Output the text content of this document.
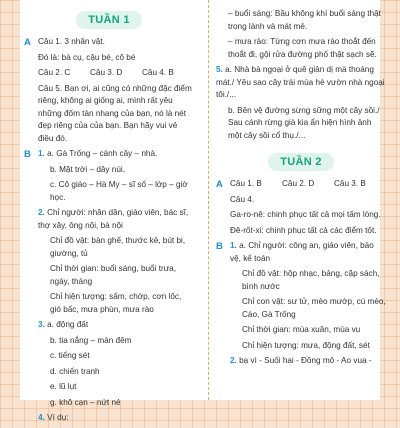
TUẦN 1
A Câu 1. 3 nhân vật.

Đó là: bà cụ, cậu bé, cô bé

Câu 2. C	Câu 3. D	Câu 4. B

Câu 5. Bạn ơi, ai cũng có những đặc điểm riêng, không ai giống ai, mình rất yêu những đốm tàn nhang của bạn, nó là nét đẹp riêng của của bạn. Bạn hãy vui vẻ điều đó.

B 1. a. Gà Trống – cánh cây – nhà.

b. Mặt trời – dây núi.

c. Cô giáo – Hà My – sĩ số – lớp – giờ học.

2. Chỉ người: nhân dân, giáo viên, bác sĩ, thợ xây, ông nội, bà nội

Chỉ đồ vật: bàn ghế, thước kẻ, bút bi, giường, tủ

Chỉ thời gian: buổi sáng, buổi trưa, ngày, tháng

Chỉ hiện tượng: sấm, chớp, cơn lốc, gió bấc, mưa phùn, mưa rào

3. a. động đất

b. tia nắng – màn đêm

c. tiếng sét

d. chiến tranh

e. lũ lụt

g. khô cạn – nứt nẻ

4. Ví dụ:

– buổi sáng: Bầu không khí buổi sáng thật trong lành và mát mẻ.

– mưa rào: Từng cơn mưa rào thoắt đến thoắt đi, gội rửa đường phố thật sạch sẽ.

5. a. Nhà bà ngoại ở quê giản dị mà thoáng mát./ Yêu sao cây trái mùa hè vườn nhà ngoại tôi./...

b. Bên vệ đường sừng sững một cây sồi./ Sau cánh rừng già kia ẩn hiện hình ảnh một cây sồi cổ thụ./...

TUẦN 2
A Câu 1. B	Câu 2. D	Câu 3. B

Câu 4.

Ga-ro-nê: chinh phục tất cả mọi tấm lòng.

Đê-rốt-xi: chinh phục tất cả các điểm tốt.

B 1. a. Chỉ người: công an, giáo viên, bảo vệ, kế toán

Chỉ đồ vật: hộp nhạc, bảng, cặp sách, bình nước

Chỉ con vật: sư tử, mèo mướp, cú mèo, Cáo, Gà Trống

Chỉ thời gian: mùa xuân, mùa vụ

Chỉ hiện tượng: mưa, động đất, sét

2. bạ vì - Suối hai - Đồng mô - Ao vua -
